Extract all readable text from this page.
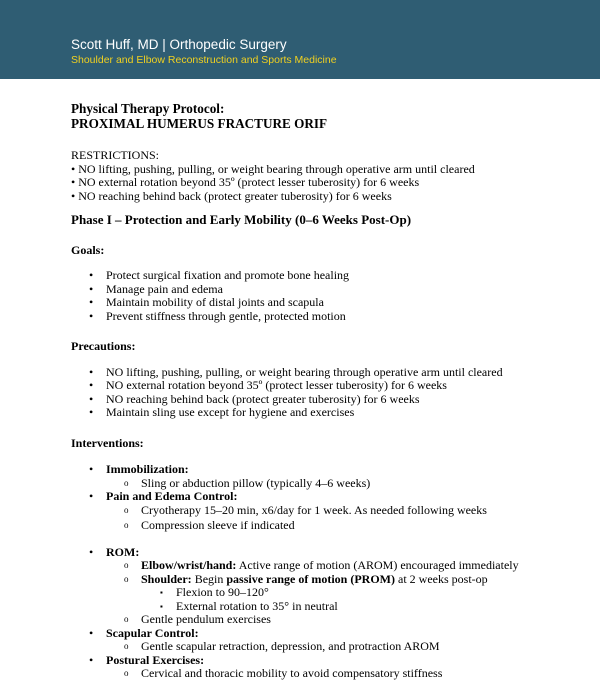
Scott Huff, MD | Orthopedic Surgery
Shoulder and Elbow Reconstruction and Sports Medicine
Physical Therapy Protocol:
PROXIMAL HUMERUS FRACTURE ORIF
RESTRICTIONS:
• NO lifting, pushing, pulling, or weight bearing through operative arm until cleared
• NO external rotation beyond 35º (protect lesser tuberosity) for 6 weeks
• NO reaching behind back (protect greater tuberosity) for 6 weeks
Phase I – Protection and Early Mobility (0–6 Weeks Post-Op)
Goals:
• Protect surgical fixation and promote bone healing
• Manage pain and edema
• Maintain mobility of distal joints and scapula
• Prevent stiffness through gentle, protected motion
Precautions:
• NO lifting, pushing, pulling, or weight bearing through operative arm until cleared
• NO external rotation beyond 35º (protect lesser tuberosity) for 6 weeks
• NO reaching behind back (protect greater tuberosity) for 6 weeks
• Maintain sling use except for hygiene and exercises
Interventions:
• Immobilization:
o Sling or abduction pillow (typically 4–6 weeks)
• Pain and Edema Control:
o Cryotherapy 15–20 min, x6/day for 1 week. As needed following weeks
o Compression sleeve if indicated
• ROM:
o Elbow/wrist/hand: Active range of motion (AROM) encouraged immediately
o Shoulder: Begin passive range of motion (PROM) at 2 weeks post-op
▪ Flexion to 90–120°
▪ External rotation to 35° in neutral
o Gentle pendulum exercises
• Scapular Control:
o Gentle scapular retraction, depression, and protraction AROM
• Postural Exercises:
o Cervical and thoracic mobility to avoid compensatory stiffness
